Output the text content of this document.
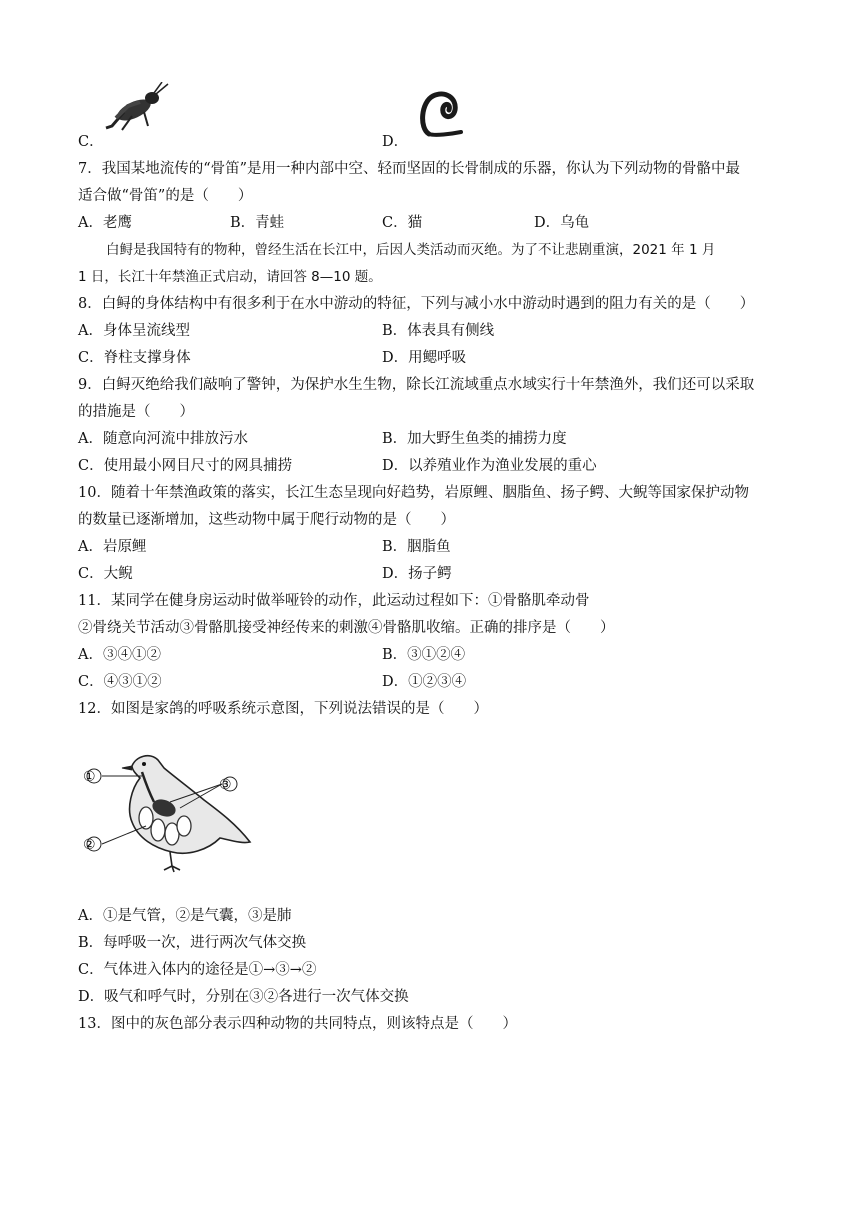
C．	D．
7．我国某地流传的“骨笛”是用一种内部中空、轻而坚固的长骨制成的乐器，你认为下列动物的骨骼中最
适合做“骨笛”的是（　　）
A．老鹰	B．青蛙	C．猫	D．乌龟
白鲟是我国特有的物种，曾经生活在长江中，后因人类活动而灭绝。为了不让悲剧重演，2021 年 1 月
1 日，长江十年禁渔正式启动，请回答 8—10 题。
8．白鲟的身体结构中有很多利于在水中游动的特征，下列与减小水中游动时遇到的阻力有关的是（　　）
A．身体呈流线型	B．体表具有侧线
C．脊柱支撑身体	D．用鳃呼吸
9．白鲟灭绝给我们敲响了警钟，为保护水生生物，除长江流域重点水域实行十年禁渔外，我们还可以采取
的措施是（　　）
A．随意向河流中排放污水	B．加大野生鱼类的捕捞力度
C．使用最小网目尺寸的网具捕捞	D．以养殖业作为渔业发展的重心
10．随着十年禁渔政策的落实，长江生态呈现向好趋势，岩原鲤、胭脂鱼、扬子鳄、大鲵等国家保护动物
的数量已逐渐增加，这些动物中属于爬行动物的是（　　）
A．岩原鲤	B．胭脂鱼
C．大鲵	D．扬子鳄
11．某同学在健身房运动时做举哑铃的动作，此运动过程如下：①骨骼肌牵动骨
②骨绕关节活动③骨骼肌接受神经传来的刺激④骨骼肌收缩。正确的排序是（　　）
A．③④①②	B．③①②④
C．④③①②	D．①②③④
12．如图是家鸽的呼吸系统示意图，下列说法错误的是（　　）
①
②
③
A．①是气管，②是气囊，③是肺
B．每呼吸一次，进行两次气体交换
C．气体进入体内的途径是①→③→②
D．吸气和呼气时，分别在③②各进行一次气体交换
13．图中的灰色部分表示四种动物的共同特点，则该特点是（　　）
